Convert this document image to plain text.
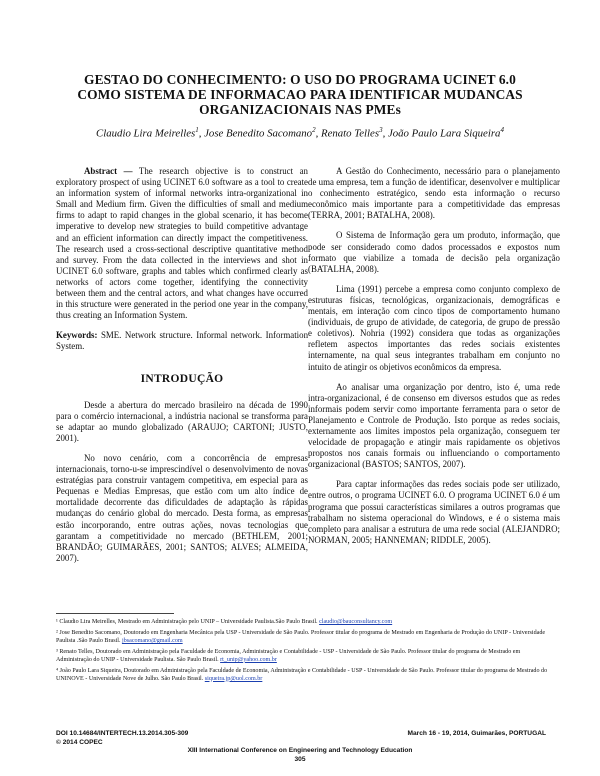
GESTAO DO CONHECIMENTO: O USO DO PROGRAMA UCINET 6.0
COMO SISTEMA DE INFORMACAO PARA IDENTIFICAR MUDANCAS
ORGANIZACIONAIS NAS PMEs
Claudio Lira Meirelles$^1$, Jose Benedito Sacomano$^2$, Renato Telles$^3$, João Paulo Lara Siqueira$^4$

Abstract — The research objective is to construct an exploratory prospect of using UCINET 6.0 software as a tool to create an information system of informal networks intra-organizational in Small and Medium firm. Given the difficulties of small and medium firms to adapt to rapid changes in the global scenario, it has become imperative to develop new strategies to build competitive advantage and an efficient information can directly impact the competitiveness. The research used a cross-sectional descriptive quantitative method and survey. From the data collected in the interviews and shot in UCINET 6.0 software, graphs and tables which confirmed clearly as networks of actors come together, identifying the connectivity between them and the central actors, and what changes have occurred in this structure were generated in the period one year in the company, thus creating an Information System.

Keywords: SME. Network structure. Informal network. Information System.

INTRODUÇÃO

Desde a abertura do mercado brasileiro na década de 1990 para o comércio internacional, a indústria nacional se transforma para se adaptar ao mundo globalizado (ARAUJO; CARTONI; JUSTO, 2001).

No novo cenário, com a concorrência de empresas internacionais, torno-u-se imprescindível o desenvolvimento de novas estratégias para construir vantagem competitiva, em especial para as Pequenas e Medias Empresas, que estão com um alto índice de mortalidade decorrente das dificuldades de adaptação às rápidas mudanças do cenário global do mercado. Desta forma, as empresas estão incorporando, entre outras ações, novas tecnologias que garantam a competitividade no mercado (BETHLEM, 2001; BRANDÃO; GUIMARÃES, 2001; SANTOS; ALVES; ALMEIDA, 2007).

A Gestão do Conhecimento, necessário para o planejamento de uma empresa, tem a função de identificar, desenvolver e multiplicar o conhecimento estratégico, sendo esta informação o recurso econômico mais importante para a competitividade das empresas (TERRA, 2001; BATALHA, 2008).

O Sistema de Informação gera um produto, informação, que pode ser considerado como dados processados e expostos num formato que viabilize a tomada de decisão pela organização (BATALHA, 2008).

Lima (1991) percebe a empresa como conjunto complexo de estruturas físicas, tecnológicas, organizacionais, demográficas e mentais, em interação com cinco tipos de comportamento humano (individuais, de grupo de atividade, de categoria, de grupo de pressão e coletivos). Nohria (1992) considera que todas as organizações refletem aspectos importantes das redes sociais existentes internamente, na qual seus integrantes trabalham em conjunto no intuito de atingir os objetivos econômicos da empresa.

Ao analisar uma organização por dentro, isto é, uma rede intra-organizacional, é de consenso em diversos estudos que as redes informais podem servir como importante ferramenta para o setor de Planejamento e Controle de Produção. Isto porque as redes sociais, externamente aos limites impostos pela organização, conseguem ter velocidade de propagação e atingir mais rapidamente os objetivos propostos nos canais formais ou influenciando o comportamento organizacional (BASTOS; SANTOS, 2007).

Para captar informações das redes sociais pode ser utilizado, entre outros, o programa UCINET 6.0. O programa UCINET 6.0 é um programa que possui características similares a outros programas que trabalham no sistema operacional do Windows, e é o sistema mais completo para analisar a estrutura de uma rede social (ALEJANDRO; NORMAN, 2005; HANNEMAN; RIDDLE, 2005).

¹ Claudio Lira Meirelles, Mestrado em Administração pelo UNIP – Universidade Paulista.São Paulo Brasil. claudio@bauconsultancy.com

² Jose Benedito Sacomano, Doutorado em Engenharia Mecânica pela USP - Universidade de São Paulo. Professor titular do programa de Mestrado em Engenharia de Produção do UNIP - Universidade Paulista .São Paulo Brasil. jbsacomano@gmail.com

³ Renato Telles, Doutorado em Administração pela Faculdade de Economia, Administração e Contabilidade - USP - Universidade de São Paulo. Professor titular do programa de Mestrado em Administração do UNIP - Universidade Paulista. São Paulo Brasil. rt_unip@yahoo.com.br

⁴ João Paulo Lara Siqueira, Doutorado em Administração pela Faculdade de Economia, Administração e Contabilidade - USP - Universidade de São Paulo. Professor titular do programa de Mestrado do UNINOVE - Universidade Nove de Julho. São Paulo Brasil. siqueira.jp@uol.com.br

DOI 10.14684/INTERTECH.13.2014.305-309
© 2014 COPEC
March 16 - 19, 2014, Guimarães, PORTUGAL
XIII International Conference on Engineering and Technology Education
305
